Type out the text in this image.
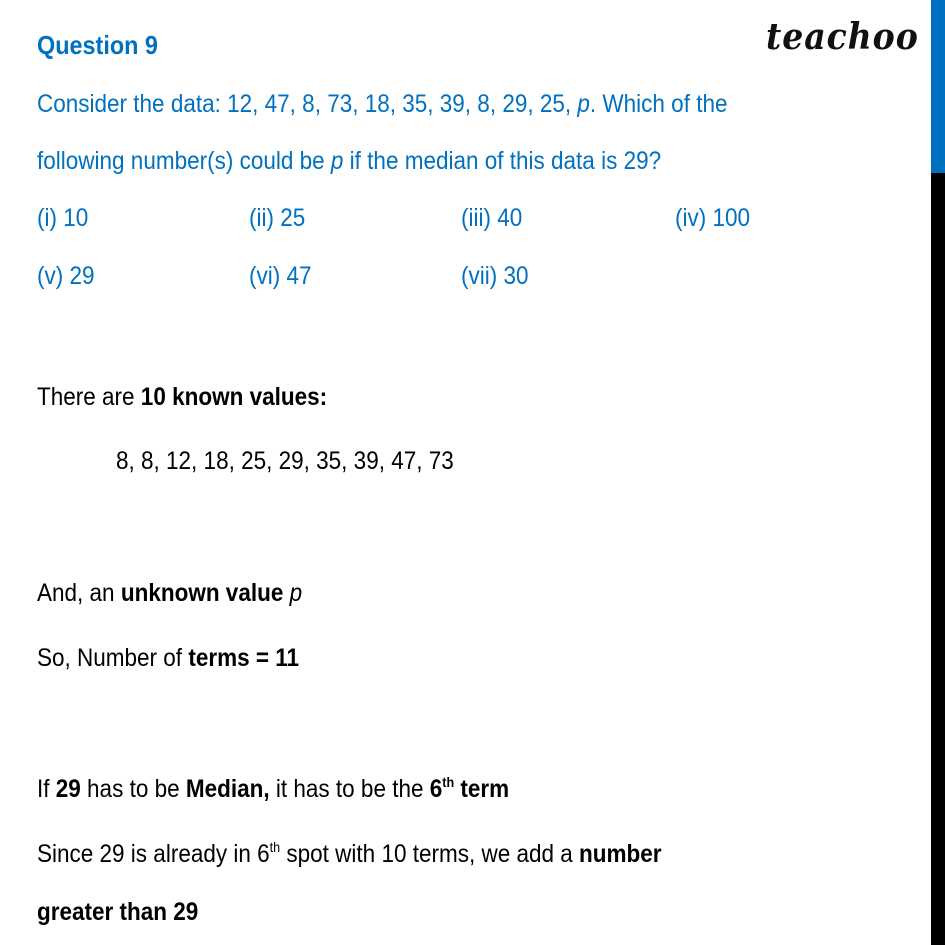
teachoo
Question 9
Consider the data: 12, 47, 8, 73, 18, 35, 39, 8, 29, 25, p. Which of the
following number(s) could be p if the median of this data is 29?
(i) 10	(ii) 25	(iii) 40	(iv) 100
(v) 29	(vi) 47	(vii) 30
There are 10 known values:
8, 8, 12, 18, 25, 29, 35, 39, 47, 73
And, an unknown value p
So, Number of terms = 11
If 29 has to be Median, it has to be the 6th term
Since 29 is already in 6th spot with 10 terms, we add a number
greater than 29
